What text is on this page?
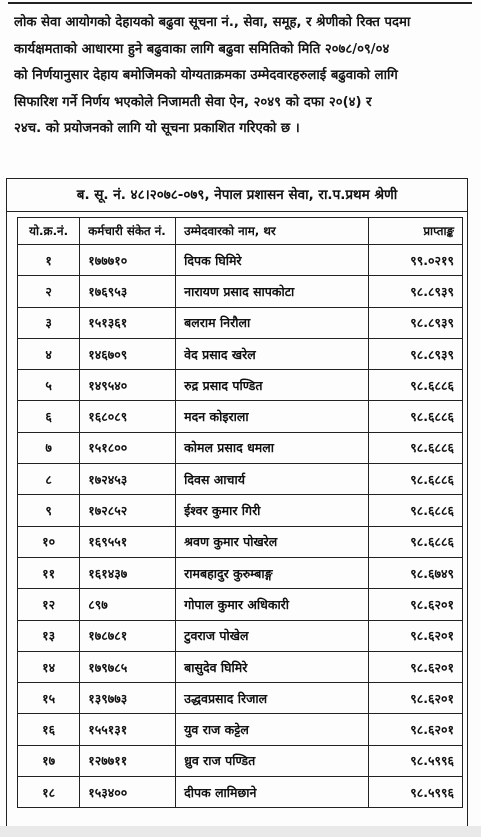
लोक सेवा आयोगको देहायको बढुवा सूचना नं., सेवा, समूह, र श्रेणीको रिक्त पदमा
कार्यक्षमताको आधारमा हुने बढुवाका लागि बढुवा समितिको मिति २०७८/०९/०४
को निर्णयानुसार देहाय बमोजिमको योग्यताक्रमका उम्मेदवारहरुलाई बढुवाको लागि
सिफारिश गर्ने निर्णय भएकोले निजामती सेवा ऐन, २०४९ को दफा २०(४) र
२४च. को प्रयोजनको लागि यो सूचना प्रकाशित गरिएको छ ।
ब. सू. नं. ४८।२०७८-०७९, नेपाल प्रशासन सेवा, रा.प.प्रथम श्रेणी
यो.क्र.नं.	कर्मचारी संकेत नं.	उम्मेदवारको नाम, थर	प्राप्ताङ्क
१	१७७७१०	दिपक घिमिरे	९९.०२१९
२	१७६९५३	नारायण प्रसाद सापकोटा	९८.८९३९
३	१५१३६१	बलराम निरौला	९८.८९३९
४	१४६७०९	वेद प्रसाद खरेल	९८.८९३९
५	१४९५४०	रुद्र प्रसाद पण्डित	९८.६८८६
६	१६८०८९	मदन कोइराला	९८.६८८६
७	१५१८००	कोमल प्रसाद धमला	९८.६८८६
८	१७२४५३	दिवस आचार्य	९८.६८८६
९	१७२८५२	ईश्वर कुमार गिरी	९८.६८८६
१०	१६९५५१	श्रवण कुमार पोखरेल	९८.६८८६
११	१६१४३७	रामबहादुर कुरुम्बाङ्ग	९८.६७४९
१२	८९७	गोपाल कुमार अधिकारी	९८.६२०१
१३	१७८७८१	टुवराज पोखेल	९८.६२०१
१४	१७९७८५	बासुदेव घिमिरे	९८.६२०१
१५	१३९७७३	उद्धवप्रसाद रिजाल	९८.६२०१
१६	१५५१३१	युव राज कट्टेल	९८.६२०१
१७	१२७७११	ध्रुव राज पण्डित	९८.५९९६
१८	१५३४००	दीपक लामिछाने	९८.५९९६
